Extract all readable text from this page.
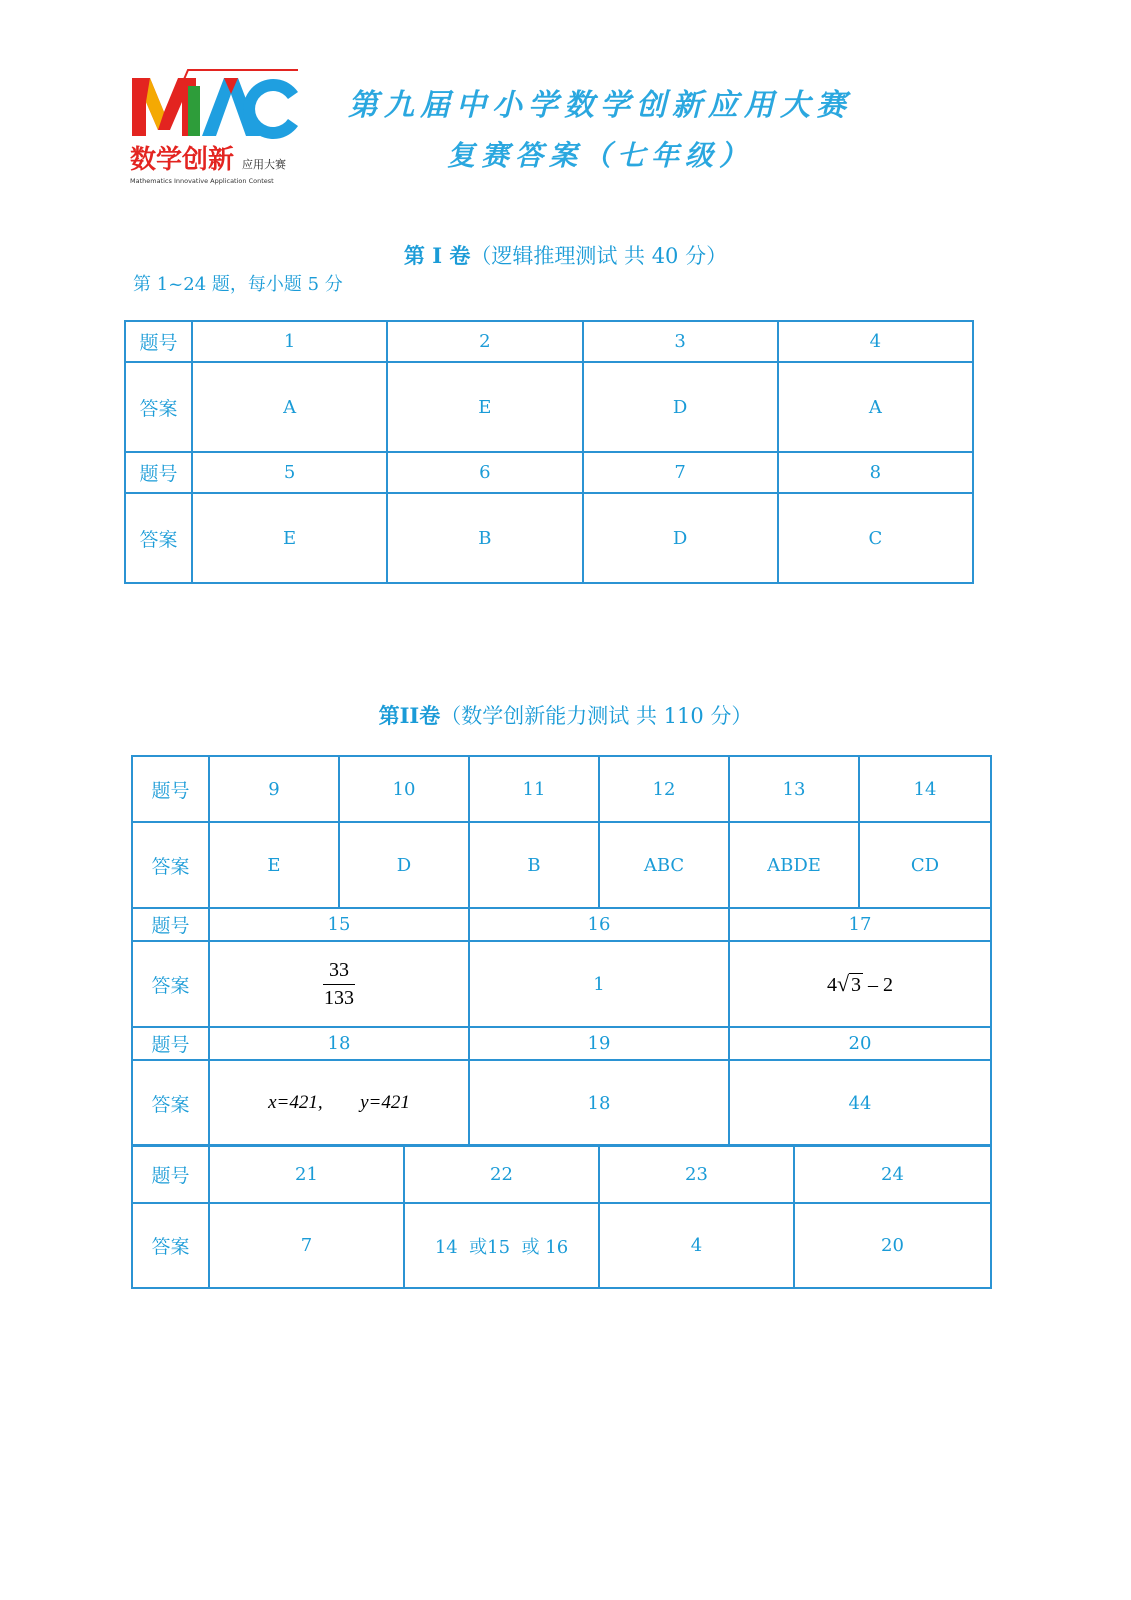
数学创新 应用大赛
Mathematics Innovative Application Contest
第九届中小学数学创新应用大赛
复赛答案（七年级）
第 I 卷（逻辑推理测试 共 40 分）
第 1~24 题，每小题 5 分
题号	1	2	3	4
答案	A	E	D	A
题号	5	6	7	8
答案	E	B	D	C
第II卷（数学创新能力测试 共 110 分）
题号	9	10	11	12	13	14
答案	E	D	B	ABC	ABDE	CD
题号	15		16		17	
答案	$\frac{33}{133}$		1		4√ 3 – 2	
题号	18		19		20	
答案	x=421, y=421		18		44	
题号	21	22	23	24
答案	7	14  或15  或 16	4	20
